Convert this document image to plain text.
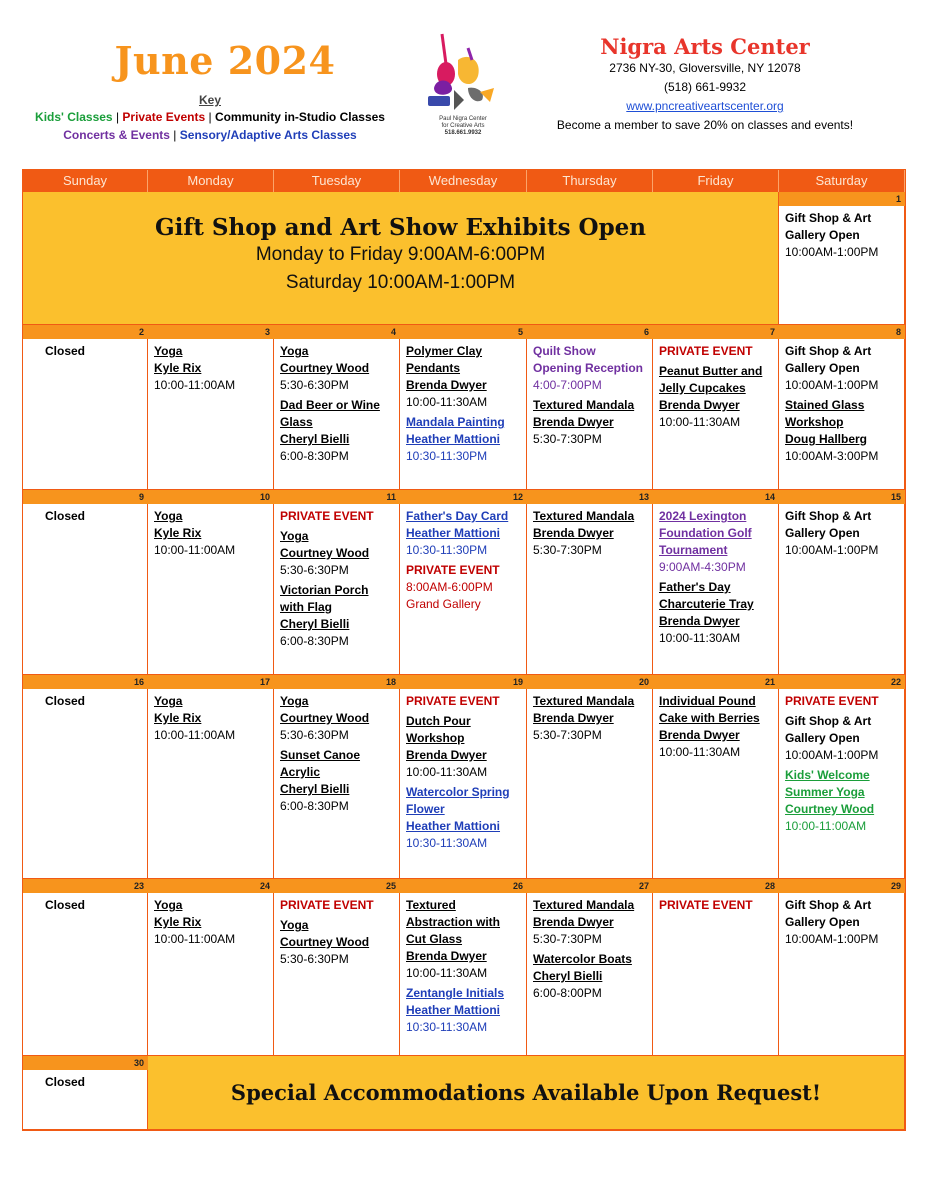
June 2024
Key
Kids' Classes | Private Events | Community in-Studio Classes
Concerts & Events | Sensory/Adaptive Arts Classes
Paul Nigra Center
for Creative Arts
518.661.9932
Nigra Arts Center
2736 NY-30, Gloversville, NY 12078
(518) 661-9932
www.pncreativeartscenter.org
Become a member to save 20% on classes and events!
Sunday	Monday	Tuesday	Wednesday	Thursday	Friday	Saturday
Gift Shop and Art Show Exhibits Open
Monday to Friday 9:00AM-6:00PM
Saturday 10:00AM-1:00PM
Special Accommodations Available Upon Request!
1
Gift Shop & Art Gallery Open
10:00AM-1:00PM
2
Closed
3
Yoga
Kyle Rix
10:00-11:00AM
4
Yoga
Courtney Wood
5:30-6:30PM
Dad Beer or Wine Glass
Cheryl Bielli
6:00-8:30PM
5
Polymer Clay Pendants
Brenda Dwyer
10:00-11:30AM
Mandala Painting
Heather Mattioni
10:30-11:30PM
6
Quilt Show Opening Reception
4:00-7:00PM
Textured Mandala
Brenda Dwyer
5:30-7:30PM
7
PRIVATE EVENT
Peanut Butter and Jelly Cupcakes
Brenda Dwyer
10:00-11:30AM
8
Gift Shop & Art Gallery Open
10:00AM-1:00PM
Stained Glass Workshop
Doug Hallberg
10:00AM-3:00PM
9
Closed
10
Yoga
Kyle Rix
10:00-11:00AM
11
PRIVATE EVENT
Yoga
Courtney Wood
5:30-6:30PM
Victorian Porch with Flag
Cheryl Bielli
6:00-8:30PM
12
Father's Day Card
Heather Mattioni
10:30-11:30PM
PRIVATE EVENT
8:00AM-6:00PM
Grand Gallery
13
Textured Mandala
Brenda Dwyer
5:30-7:30PM
14
2024 Lexington Foundation Golf Tournament
9:00AM-4:30PM
Father's Day Charcuterie Tray
Brenda Dwyer
10:00-11:30AM
15
Gift Shop & Art Gallery Open
10:00AM-1:00PM
16
Closed
17
Yoga
Kyle Rix
10:00-11:00AM
18
Yoga
Courtney Wood
5:30-6:30PM
Sunset Canoe Acrylic
Cheryl Bielli
6:00-8:30PM
19
PRIVATE EVENT
Dutch Pour Workshop
Brenda Dwyer
10:00-11:30AM
Watercolor Spring Flower
Heather Mattioni
10:30-11:30AM
20
Textured Mandala
Brenda Dwyer
5:30-7:30PM
21
Individual Pound Cake with Berries
Brenda Dwyer
10:00-11:30AM
22
PRIVATE EVENT
Gift Shop & Art Gallery Open
10:00AM-1:00PM
Kids' Welcome Summer Yoga
Courtney Wood
10:00-11:00AM
23
Closed
24
Yoga
Kyle Rix
10:00-11:00AM
25
PRIVATE EVENT
Yoga
Courtney Wood
5:30-6:30PM
26
Textured Abstraction with Cut Glass
Brenda Dwyer
10:00-11:30AM
Zentangle Initials
Heather Mattioni
10:30-11:30AM
27
Textured Mandala
Brenda Dwyer
5:30-7:30PM
Watercolor Boats
Cheryl Bielli
6:00-8:00PM
28
PRIVATE EVENT
29
Gift Shop & Art Gallery Open
10:00AM-1:00PM
30
Closed
